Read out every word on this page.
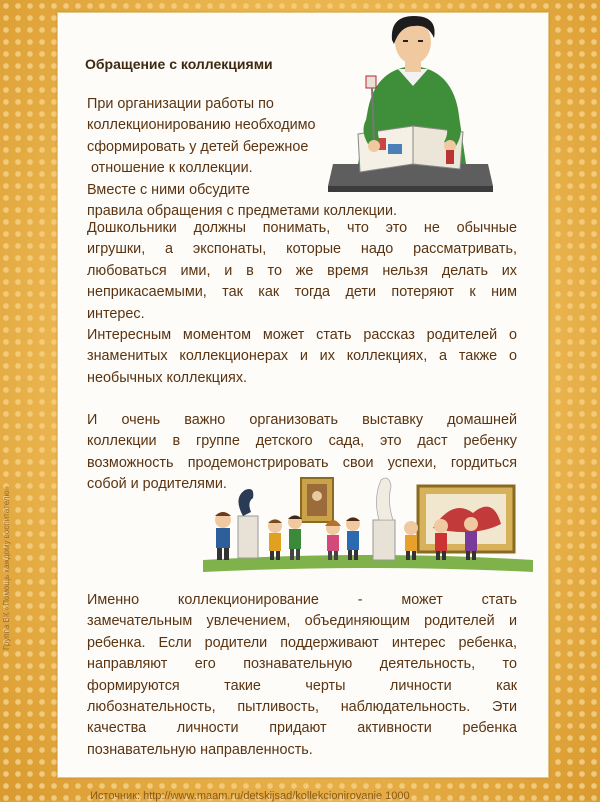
Обращение с коллекциями

При организации работы по

коллекционированию необходимо

сформировать у детей бережное

отношение к коллекции.

Вместе с ними обсудите

правила обращения с предметами коллекции.

Дошкольники должны понимать, что это не обычные

игрушки, а экспонаты, которые надо рассматривать,

любоваться ими, и в то же время нельзя делать их

неприкасаемыми, так как тогда дети потеряют к ним

интерес.

Интересным моментом может стать рассказ родителей о

знаменитых коллекционерах и их коллекциях, а также о

необычных коллекциях.

И очень важно организовать выставку домашней

коллекции в группе детского сада, это даст ребенку

возможность продемонстрировать свои успехи, гордиться

собой и родителями.

Именно коллекционирование - может стать

замечательным увлечением, объединяющим родителей и

ребенка. Если родители поддерживают интерес ребенка,

направляют его познавательную деятельность, то

формируются такие черты личности как

любознательность, пытливость, наблюдательность. Эти

качества личности придают активности ребенка

познавательную направленность.

Группа ВК «Помощь каждому воспитателю»
Источник: http://www.maam.ru/detskijsad/kollekcionirovanie 1000
